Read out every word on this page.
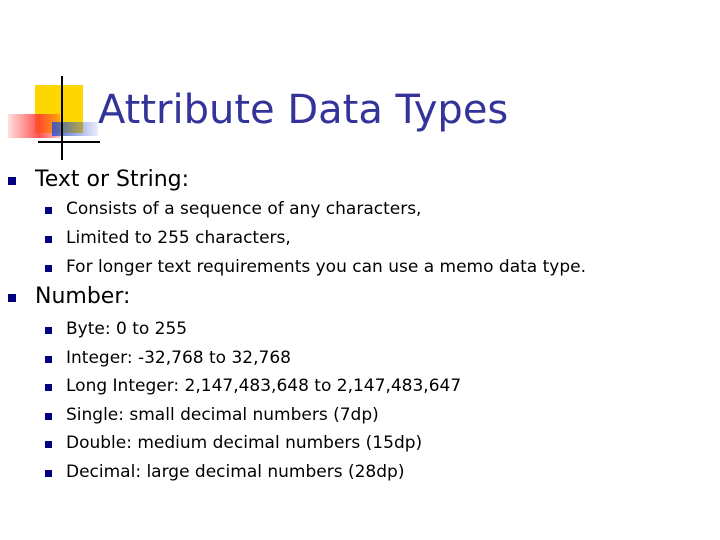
Attribute Data Types
Text or String:
Consists of a sequence of any characters,
Limited to 255 characters,
For longer text requirements you can use a memo data type.
Number:
Byte: 0 to 255
Integer: -32,768 to 32,768
Long Integer: 2,147,483,648 to 2,147,483,647
Single: small decimal numbers (7dp)
Double: medium decimal numbers (15dp)
Decimal: large decimal numbers (28dp)
